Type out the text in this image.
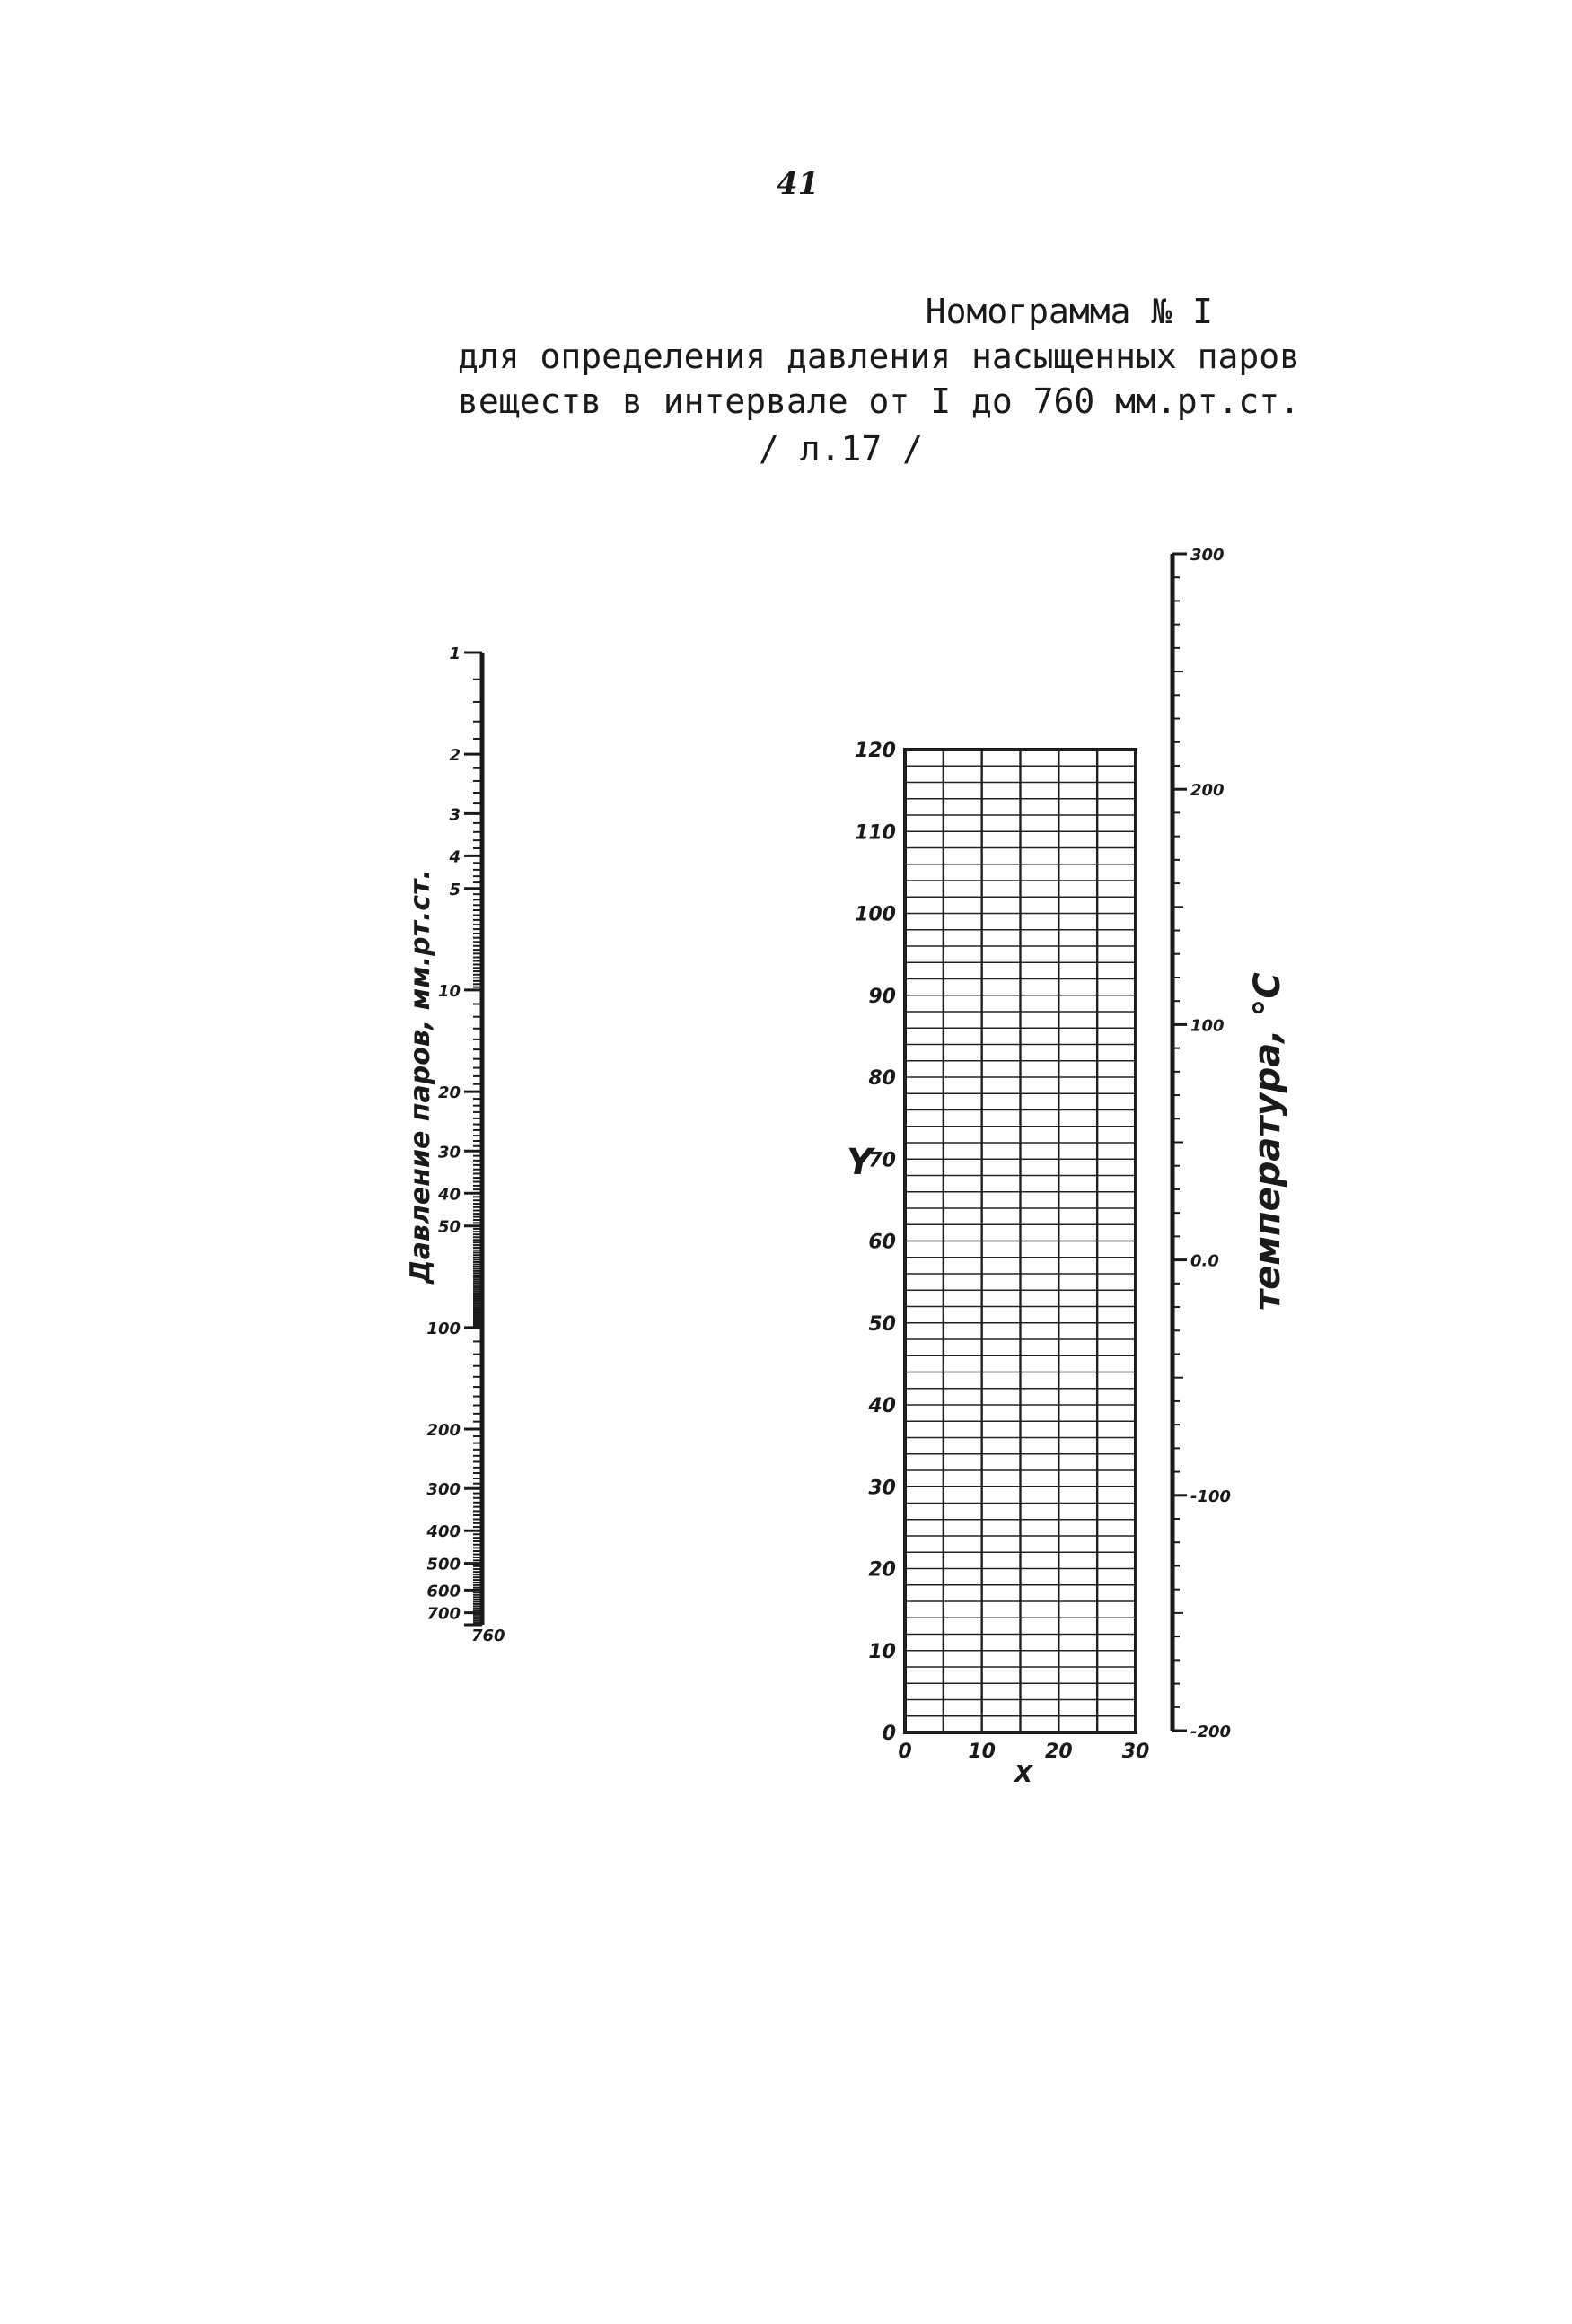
41
Номограмма № I
для определения давления насыщенных паров
веществ в интервале от I до 760 мм.рт.ст.
/ л.17 /
1
2
3
4
5
10
20
30
40
50
100
200
300
400
500
600
700
760
Давление паров, мм.рт.ст.
0
10
20
30
40
50
60
70
80
90
100
110
120
0	10	20	30
Y
X
300
200
100
0.0
-100
-200
температура, °С
